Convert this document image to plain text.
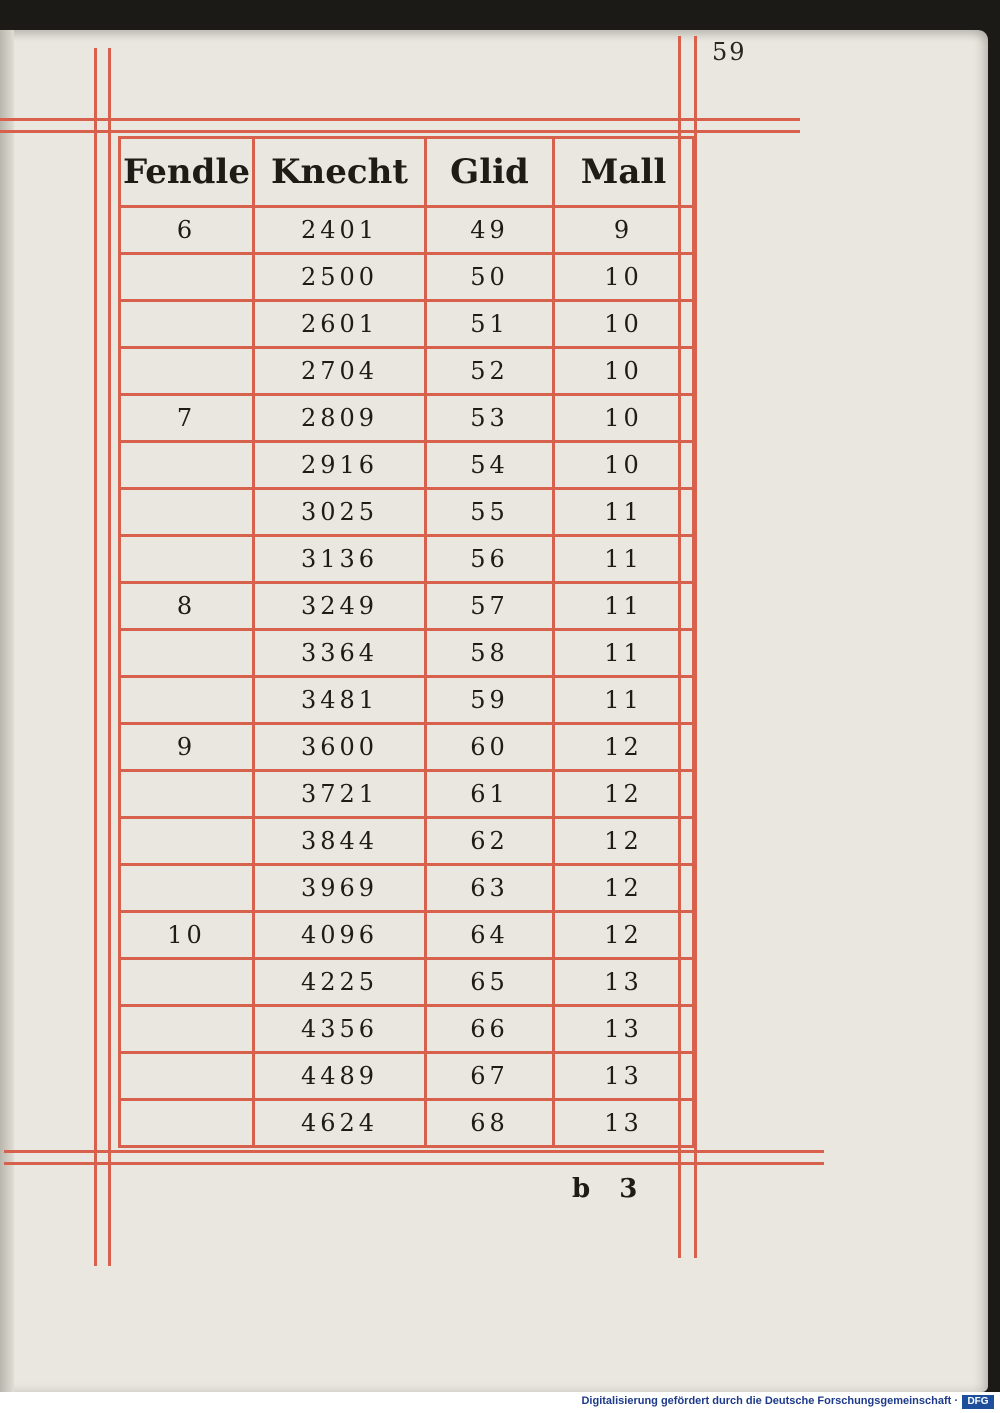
59
Fendle	Knecht	Glid	Mall
6	2401	49	9
	2500	50	10
	2601	51	10
	2704	52	10
7	2809	53	10
	2916	54	10
	3025	55	11
	3136	56	11
8	3249	57	11
	3364	58	11
	3481	59	11
9	3600	60	12
	3721	61	12
	3844	62	12
	3969	63	12
10	4096	64	12
	4225	65	13
	4356	66	13
	4489	67	13
	4624	68	13
b 3
Digitalisierung gefördert durch die Deutsche Forschungsgemeinschaft · DFG
